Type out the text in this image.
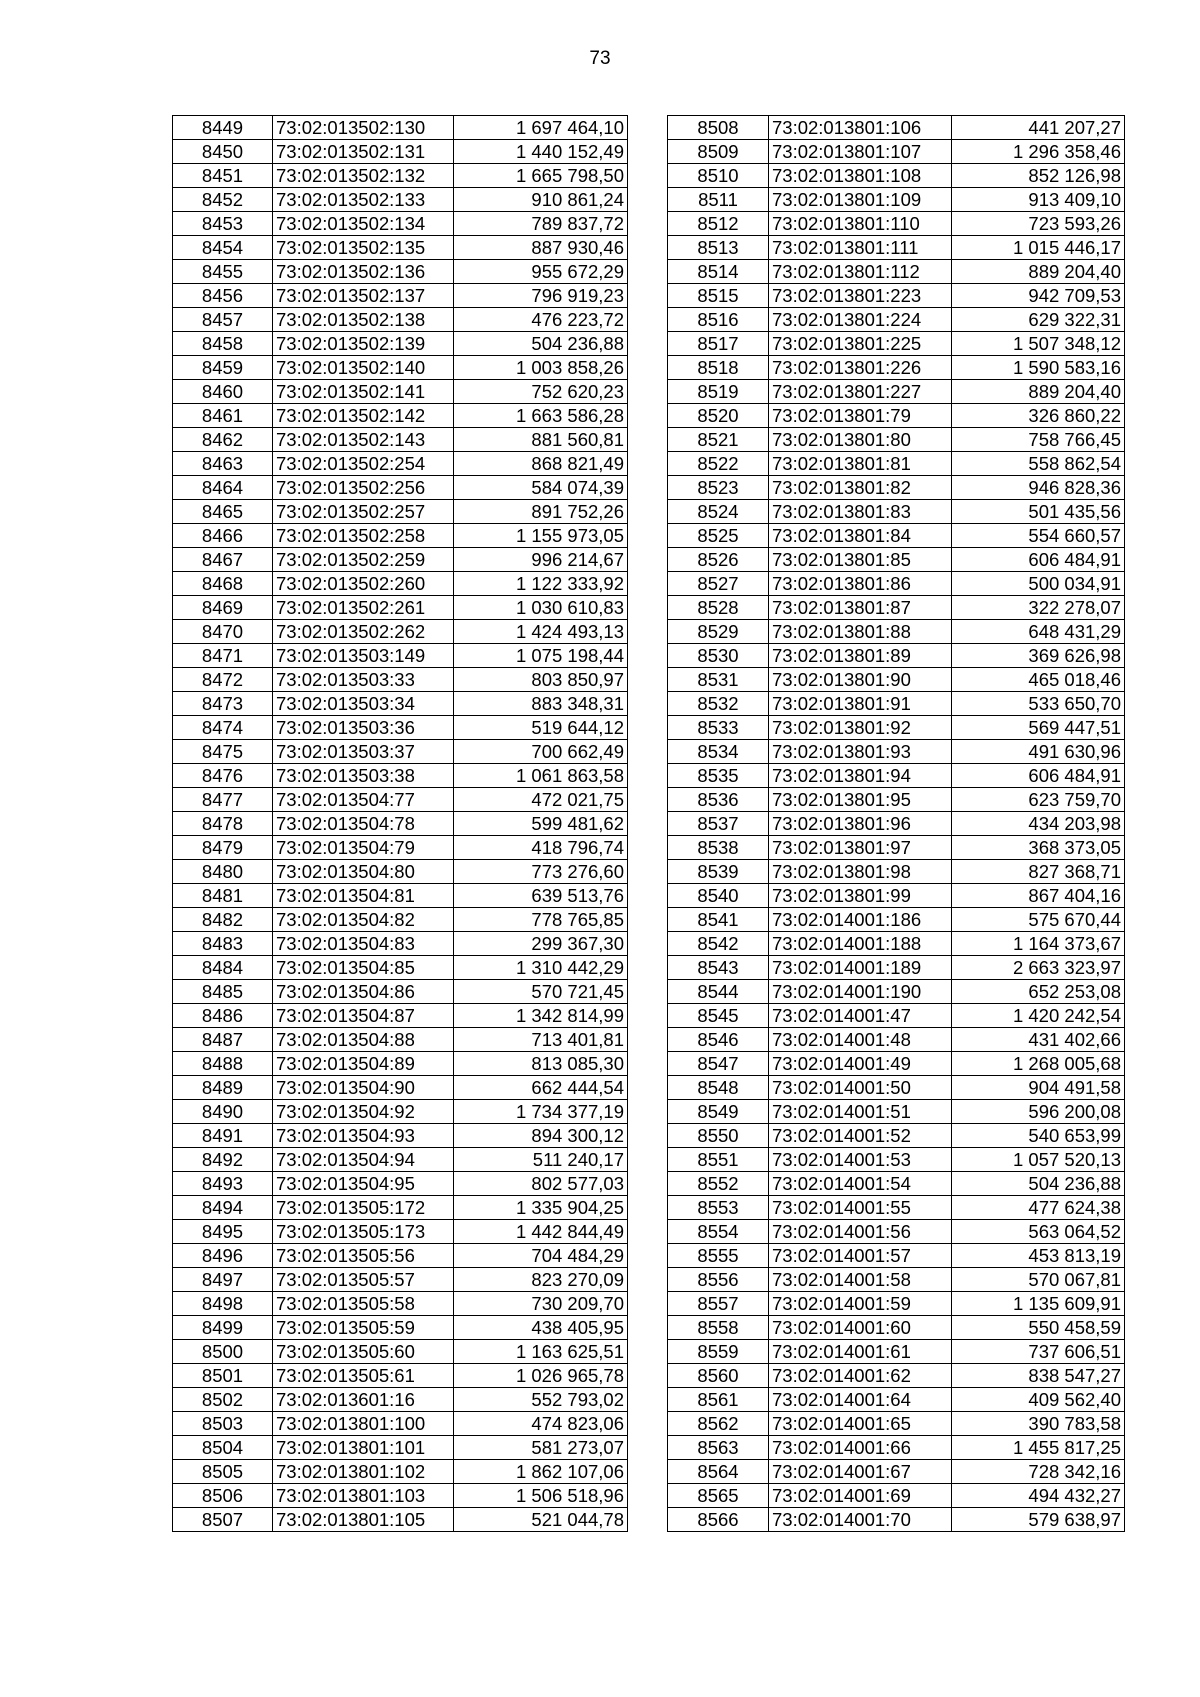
73
8449	73:02:013502:130	1 697 464,10
8450	73:02:013502:131	1 440 152,49
8451	73:02:013502:132	1 665 798,50
8452	73:02:013502:133	910 861,24
8453	73:02:013502:134	789 837,72
8454	73:02:013502:135	887 930,46
8455	73:02:013502:136	955 672,29
8456	73:02:013502:137	796 919,23
8457	73:02:013502:138	476 223,72
8458	73:02:013502:139	504 236,88
8459	73:02:013502:140	1 003 858,26
8460	73:02:013502:141	752 620,23
8461	73:02:013502:142	1 663 586,28
8462	73:02:013502:143	881 560,81
8463	73:02:013502:254	868 821,49
8464	73:02:013502:256	584 074,39
8465	73:02:013502:257	891 752,26
8466	73:02:013502:258	1 155 973,05
8467	73:02:013502:259	996 214,67
8468	73:02:013502:260	1 122 333,92
8469	73:02:013502:261	1 030 610,83
8470	73:02:013502:262	1 424 493,13
8471	73:02:013503:149	1 075 198,44
8472	73:02:013503:33	803 850,97
8473	73:02:013503:34	883 348,31
8474	73:02:013503:36	519 644,12
8475	73:02:013503:37	700 662,49
8476	73:02:013503:38	1 061 863,58
8477	73:02:013504:77	472 021,75
8478	73:02:013504:78	599 481,62
8479	73:02:013504:79	418 796,74
8480	73:02:013504:80	773 276,60
8481	73:02:013504:81	639 513,76
8482	73:02:013504:82	778 765,85
8483	73:02:013504:83	299 367,30
8484	73:02:013504:85	1 310 442,29
8485	73:02:013504:86	570 721,45
8486	73:02:013504:87	1 342 814,99
8487	73:02:013504:88	713 401,81
8488	73:02:013504:89	813 085,30
8489	73:02:013504:90	662 444,54
8490	73:02:013504:92	1 734 377,19
8491	73:02:013504:93	894 300,12
8492	73:02:013504:94	511 240,17
8493	73:02:013504:95	802 577,03
8494	73:02:013505:172	1 335 904,25
8495	73:02:013505:173	1 442 844,49
8496	73:02:013505:56	704 484,29
8497	73:02:013505:57	823 270,09
8498	73:02:013505:58	730 209,70
8499	73:02:013505:59	438 405,95
8500	73:02:013505:60	1 163 625,51
8501	73:02:013505:61	1 026 965,78
8502	73:02:013601:16	552 793,02
8503	73:02:013801:100	474 823,06
8504	73:02:013801:101	581 273,07
8505	73:02:013801:102	1 862 107,06
8506	73:02:013801:103	1 506 518,96
8507	73:02:013801:105	521 044,78
8508	73:02:013801:106	441 207,27
8509	73:02:013801:107	1 296 358,46
8510	73:02:013801:108	852 126,98
8511	73:02:013801:109	913 409,10
8512	73:02:013801:110	723 593,26
8513	73:02:013801:111	1 015 446,17
8514	73:02:013801:112	889 204,40
8515	73:02:013801:223	942 709,53
8516	73:02:013801:224	629 322,31
8517	73:02:013801:225	1 507 348,12
8518	73:02:013801:226	1 590 583,16
8519	73:02:013801:227	889 204,40
8520	73:02:013801:79	326 860,22
8521	73:02:013801:80	758 766,45
8522	73:02:013801:81	558 862,54
8523	73:02:013801:82	946 828,36
8524	73:02:013801:83	501 435,56
8525	73:02:013801:84	554 660,57
8526	73:02:013801:85	606 484,91
8527	73:02:013801:86	500 034,91
8528	73:02:013801:87	322 278,07
8529	73:02:013801:88	648 431,29
8530	73:02:013801:89	369 626,98
8531	73:02:013801:90	465 018,46
8532	73:02:013801:91	533 650,70
8533	73:02:013801:92	569 447,51
8534	73:02:013801:93	491 630,96
8535	73:02:013801:94	606 484,91
8536	73:02:013801:95	623 759,70
8537	73:02:013801:96	434 203,98
8538	73:02:013801:97	368 373,05
8539	73:02:013801:98	827 368,71
8540	73:02:013801:99	867 404,16
8541	73:02:014001:186	575 670,44
8542	73:02:014001:188	1 164 373,67
8543	73:02:014001:189	2 663 323,97
8544	73:02:014001:190	652 253,08
8545	73:02:014001:47	1 420 242,54
8546	73:02:014001:48	431 402,66
8547	73:02:014001:49	1 268 005,68
8548	73:02:014001:50	904 491,58
8549	73:02:014001:51	596 200,08
8550	73:02:014001:52	540 653,99
8551	73:02:014001:53	1 057 520,13
8552	73:02:014001:54	504 236,88
8553	73:02:014001:55	477 624,38
8554	73:02:014001:56	563 064,52
8555	73:02:014001:57	453 813,19
8556	73:02:014001:58	570 067,81
8557	73:02:014001:59	1 135 609,91
8558	73:02:014001:60	550 458,59
8559	73:02:014001:61	737 606,51
8560	73:02:014001:62	838 547,27
8561	73:02:014001:64	409 562,40
8562	73:02:014001:65	390 783,58
8563	73:02:014001:66	1 455 817,25
8564	73:02:014001:67	728 342,16
8565	73:02:014001:69	494 432,27
8566	73:02:014001:70	579 638,97
